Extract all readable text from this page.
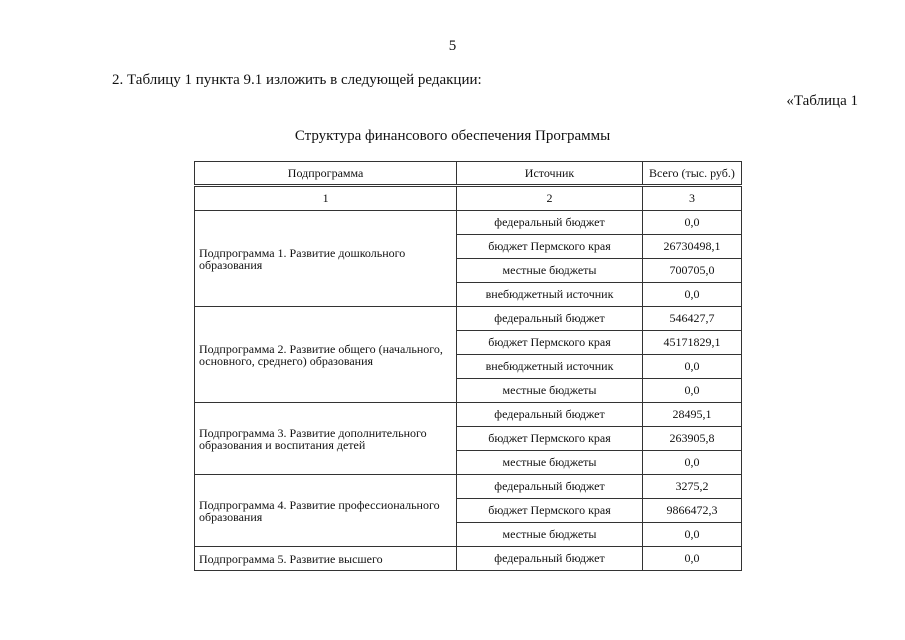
5
2. Таблицу 1 пункта 9.1 изложить в следующей редакции:
«Таблица 1
Структура финансового обеспечения Программы
Подпрограмма	Источник	Всего (тыс. руб.)
1	2	3
Подпрограмма 1. Развитие дошкольного образования	федеральный бюджет	0,0
	бюджет Пермского края	26730498,1
	местные бюджеты	700705,0
	внебюджетный источник	0,0
Подпрограмма 2. Развитие общего (начального, основного, среднего) образования	федеральный бюджет	546427,7
	бюджет Пермского края	45171829,1
	внебюджетный источник	0,0
	местные бюджеты	0,0
Подпрограмма 3. Развитие дополнительного образования и воспитания детей	федеральный бюджет	28495,1
	бюджет Пермского края	263905,8
	местные бюджеты	0,0
Подпрограмма 4. Развитие профессионального образования	федеральный бюджет	3275,2
	бюджет Пермского края	9866472,3
	местные бюджеты	0,0
Подпрограмма 5. Развитие высшего	федеральный бюджет	0,0
